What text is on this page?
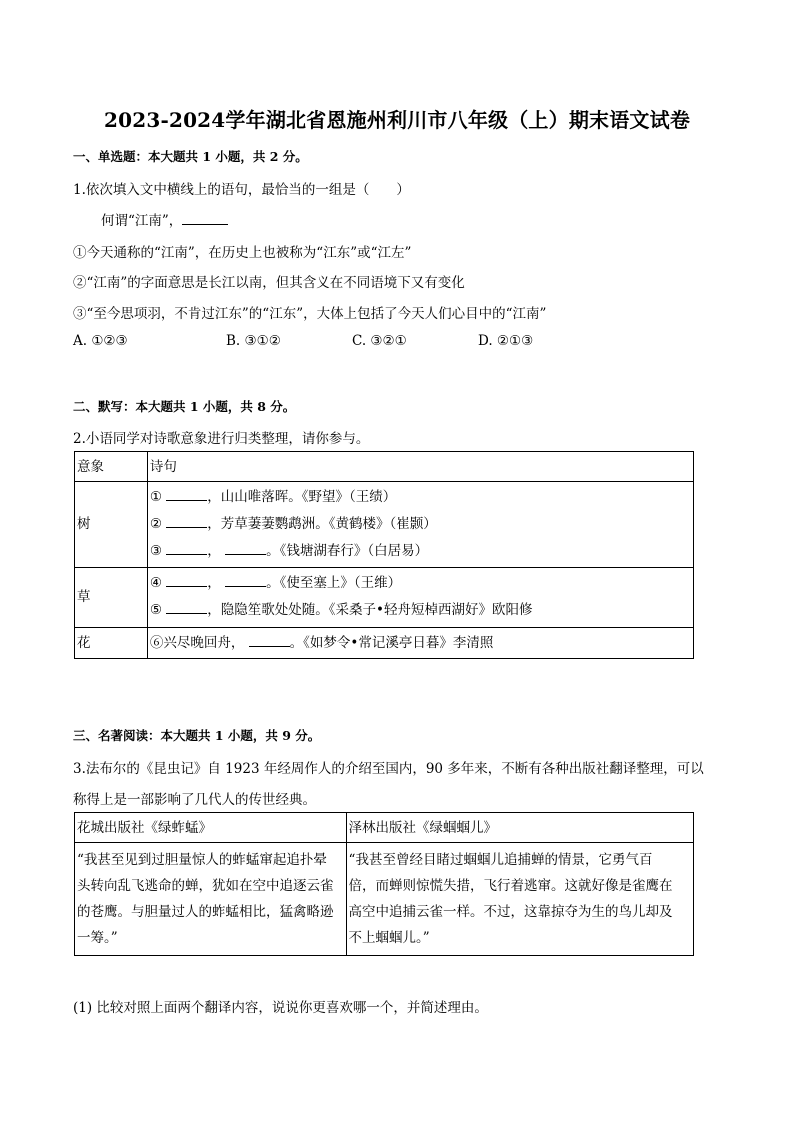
2023-2024学年湖北省恩施州利川市八年级（上）期末语文试卷
一、单选题：本大题共 1 小题，共 2 分。
1.依次填入文中横线上的语句，最恰当的一组是（　　）
何谓“江南”，
①今天通称的“江南”，在历史上也被称为“江东”或“江左”
②“江南”的字面意思是长江以南，但其含义在不同语境下又有变化
③“至今思项羽，不肯过江东”的“江东”，大体上包括了今天人们心目中的“江南”
A. ①②③	B. ③①②	C. ③②①	D. ②①③
二、默写：本大题共 1 小题，共 8 分。
2.小语同学对诗歌意象进行归类整理，请你参与。
意象	诗句

树	① ，山山唯落晖。《野望》（王绩）
② ，芳草萋萋鹦鹉洲。《黄鹤楼》（崔颢）
③ ， 。《钱塘湖春行》（白居易）

草	④ ， 。《使至塞上》（王维）
⑤ ，隐隐笙歌处处随。《采桑子•轻舟短棹西湖好》欧阳修

花	⑥兴尽晚回舟， 。《如梦令•常记溪亭日暮》李清照
三、名著阅读：本大题共 1 小题，共 9 分。
3.法布尔的《昆虫记》自 1923 年经周作人的介绍至国内，90 多年来，不断有各种出版社翻译整理，可以
称得上是一部影响了几代人的传世经典。
花城出版社《绿蚱蜢》	泽林出版社《绿蝈蝈儿》

“我甚至见到过胆量惊人的蚱蜢窜起追扑晕
头转向乱飞逃命的蝉，犹如在空中追逐云雀
的苍鹰。与胆量过人的蚱蜢相比，猛禽略逊
一筹。”	“我甚至曾经目睹过蝈蝈儿追捕蝉的情景，它勇气百
倍，而蝉则惊慌失措，飞行着逃窜。这就好像是雀鹰在
高空中追捕云雀一样。不过，这靠掠夺为生的鸟儿却及
不上蝈蝈儿。”
(1) 比较对照上面两个翻译内容，说说你更喜欢哪一个，并简述理由。
